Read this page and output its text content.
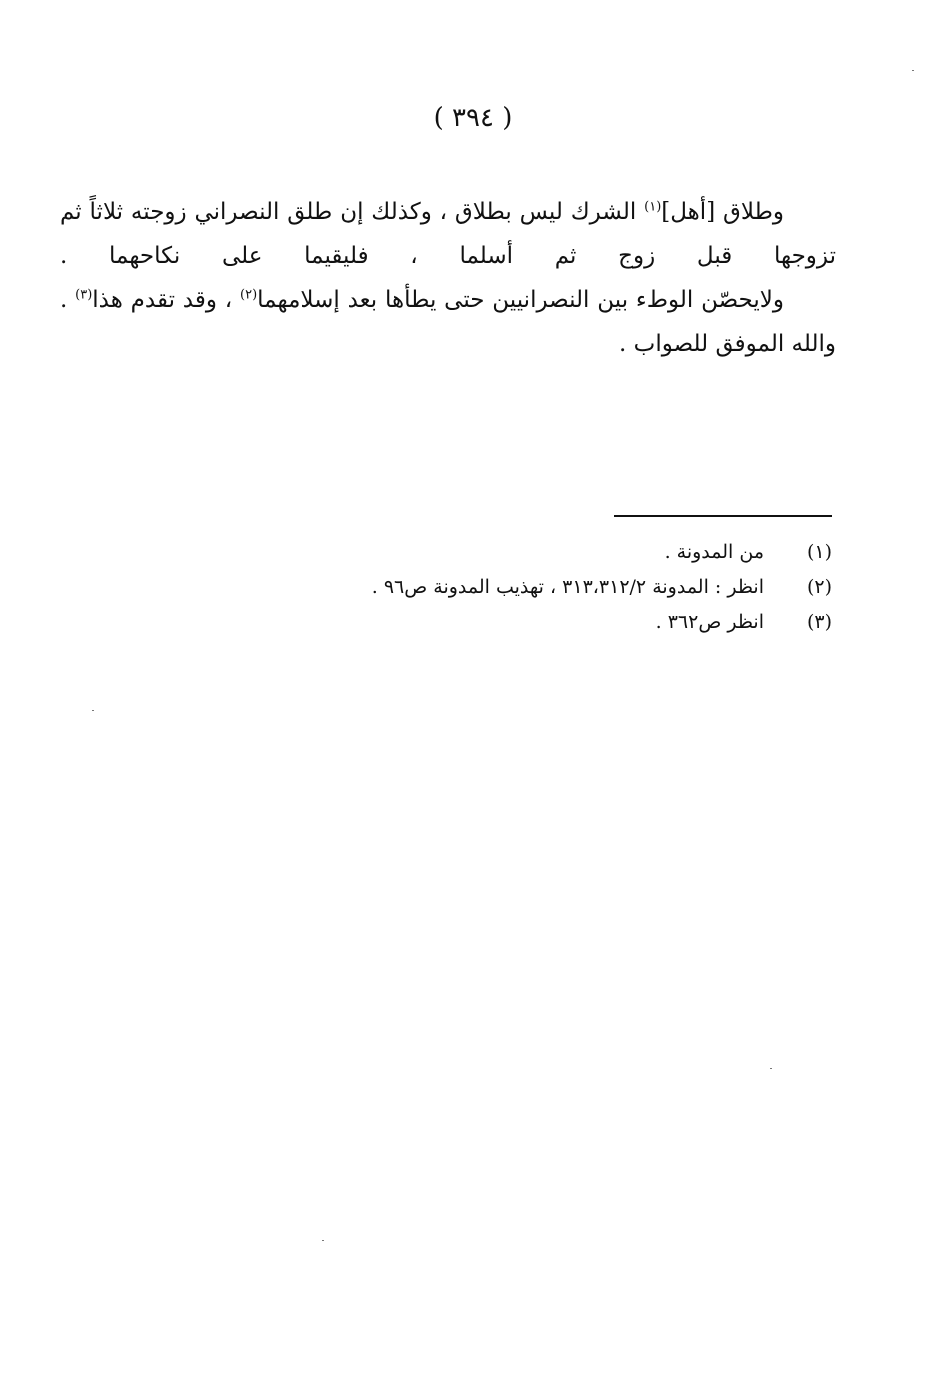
( ٣٩٤ )

وطلاق [أهل]$^{(١)}$ الشرك ليس بطلاق ، وكذلك إن طلق النصراني زوجته ثلاثاً ثم تزوجها قبل زوج ثم أسلما ، فليقيما على نكاحهما .

ولايحصّن الوطء بين النصرانيين حتى يطأها بعد إسلامهما$^{(٢)}$ ، وقد تقدم هذا$^{(٣)}$ . والله الموفق للصواب .

(١)
من المدونة .
(٢)
انظر : المدونة ٣١٣،٣١٢/٢ ، تهذيب المدونة ص٩٦ .
(٣)
انظر ص٣٦٢ .
